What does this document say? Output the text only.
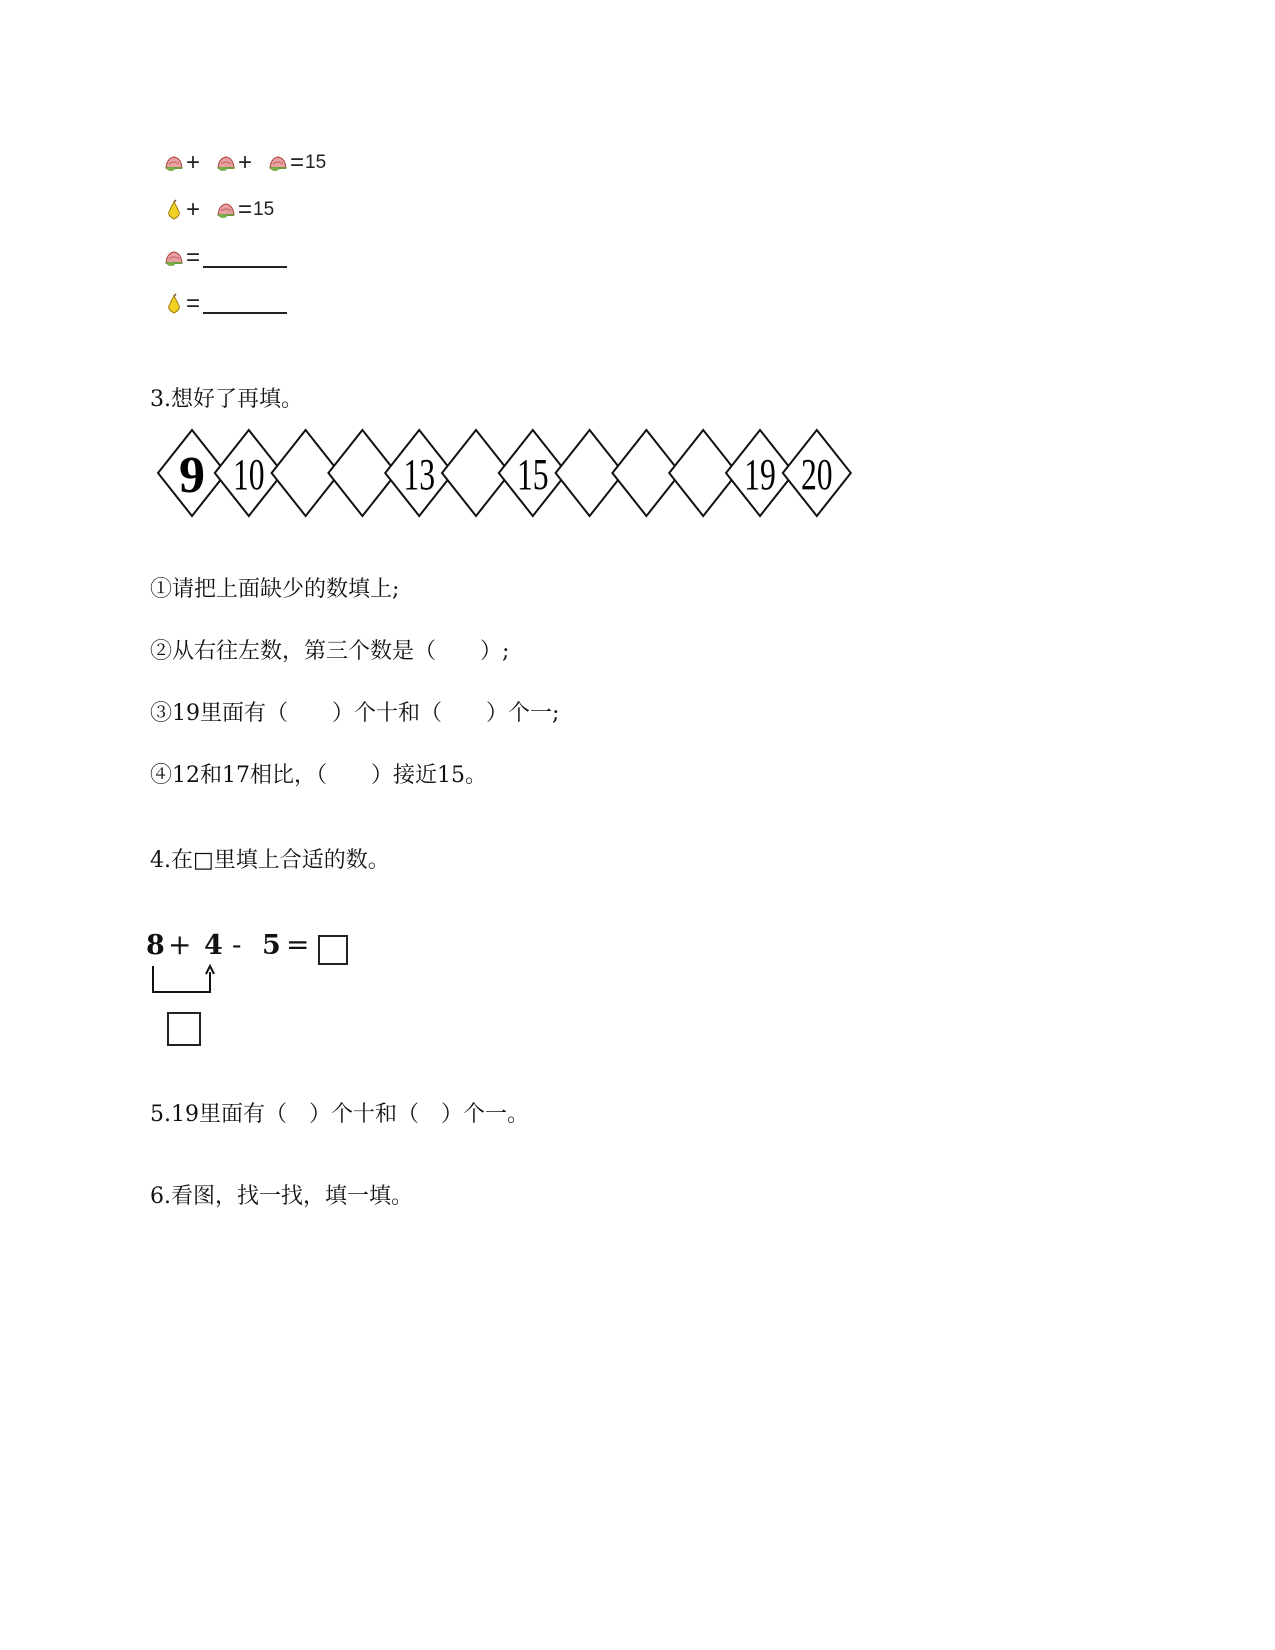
+ + = 15
+ = 15
=
=
3.想好了再填。
9 10	13 15	19 20
①请把上面缺少的数填上;
②从右往左数，第三个数是（　　）;
③19里面有（　　）个十和（　　）个一;
④12和17相比，（　　）接近15。
4.在□里填上合适的数。
8 + 4 - 5 =
5.19里面有（　）个十和（　）个一。
6.看图，找一找，填一填。
